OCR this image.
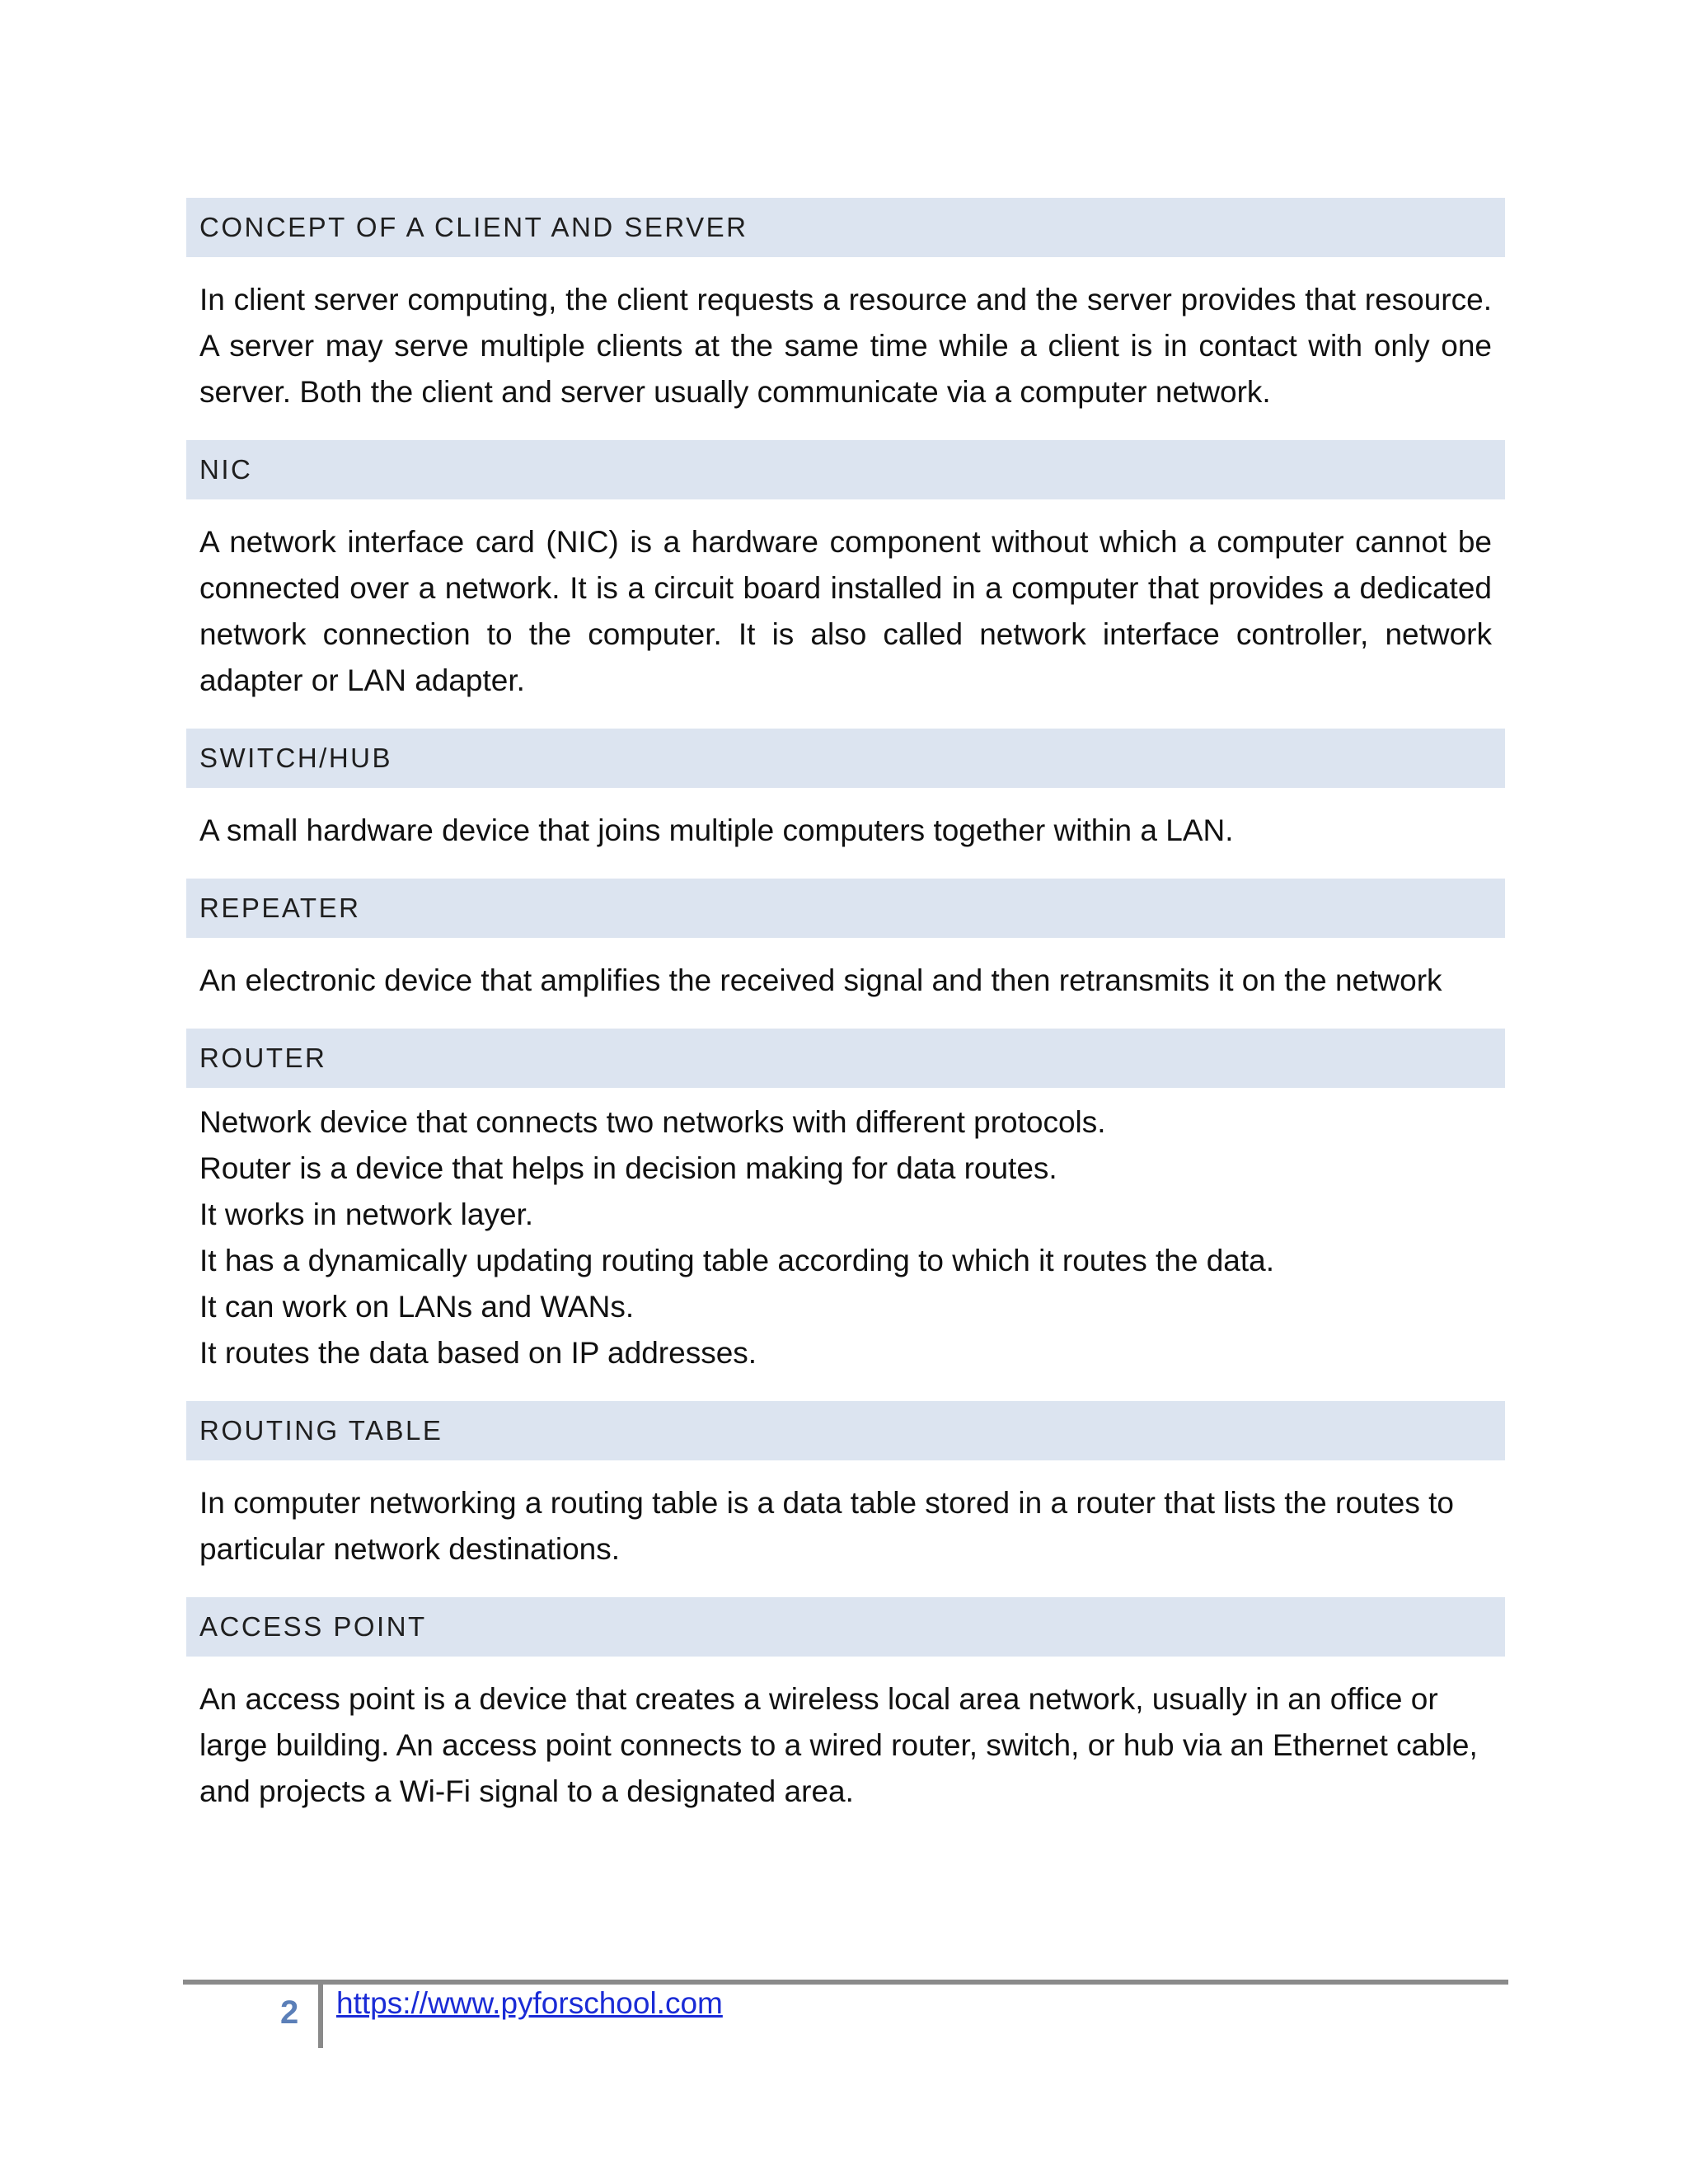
CONCEPT OF A CLIENT AND SERVER

In client server computing, the client requests a resource and the server provides that resource. A server may serve multiple clients at the same time while a client is in contact with only one server. Both the client and server usually communicate via a computer network.

NIC

A network interface card (NIC) is a hardware component without which a computer cannot be connected over a network. It is a circuit board installed in a computer that provides a dedicated network connection to the computer. It is also called network interface controller, network adapter or LAN adapter.

SWITCH/HUB

A small hardware device that joins multiple computers together within a LAN.

REPEATER

An electronic device that amplifies the received signal and then retransmits it on the network

ROUTER

Network device that connects two networks with different protocols.

Router is a device that helps in decision making for data routes.

It works in network layer.

It has a dynamically updating routing table according to which it routes the data.

It can work on LANs and WANs.

It routes the data based on IP addresses.

ROUTING TABLE

In computer networking a routing table is a data table stored in a router that lists the routes to particular network destinations.

ACCESS POINT

An access point is a device that creates a wireless local area network, usually in an office or large building. An access point connects to a wired router, switch, or hub via an Ethernet cable, and projects a Wi-Fi signal to a designated area.

2 https://www.pyforschool.com
